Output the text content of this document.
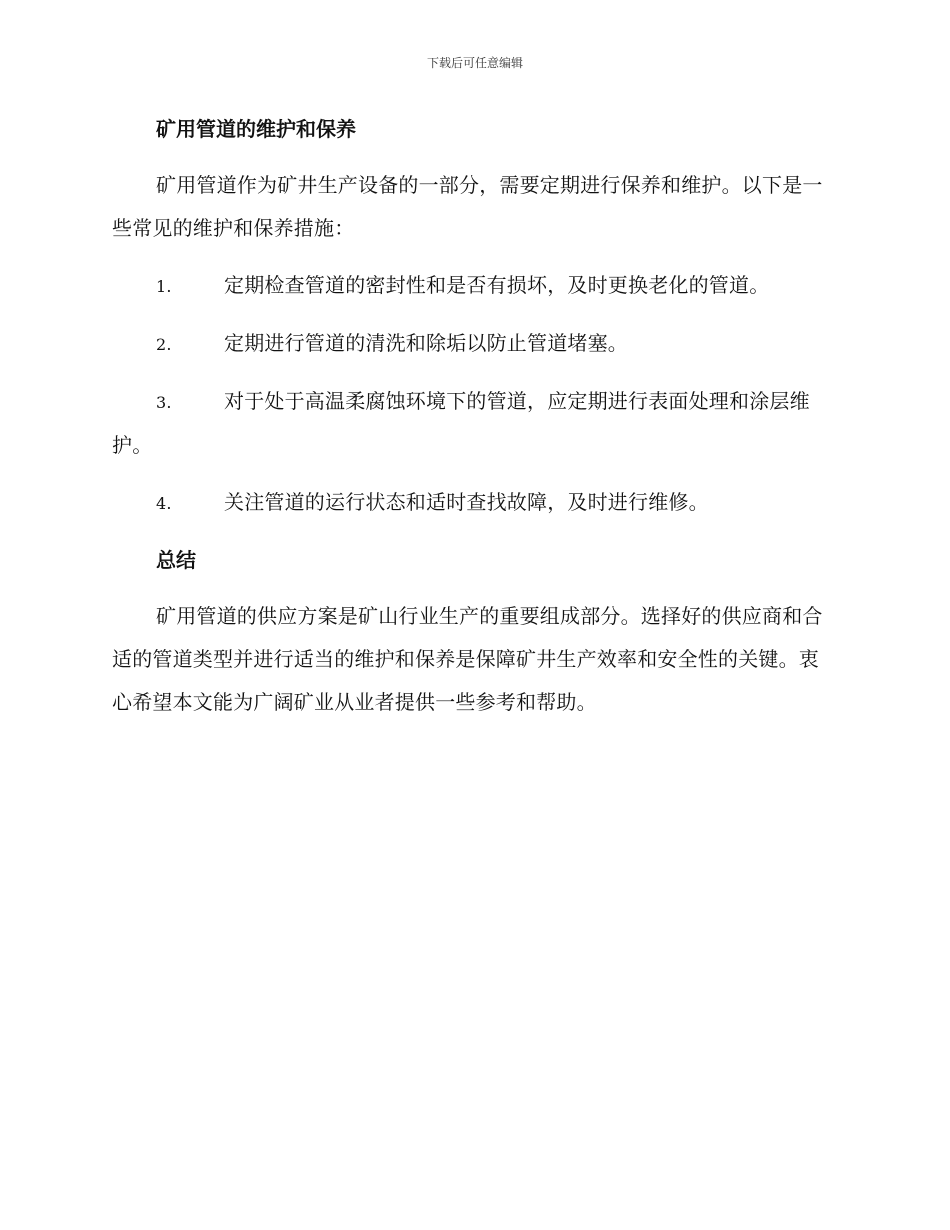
下载后可任意编辑
矿用管道的维护和保养

矿用管道作为矿井生产设备的一部分，需要定期进行保养和维护。以下是一些常见的维护和保养措施：

1.	定期检查管道的密封性和是否有损坏，及时更换老化的管道。
2.	定期进行管道的清洗和除垢以防止管道堵塞。
3.	对于处于高温柔腐蚀环境下的管道，应定期进行表面处理和涂层维护。
4.	关注管道的运行状态和适时查找故障，及时进行维修。
总结

矿用管道的供应方案是矿山行业生产的重要组成部分。选择好的供应商和合适的管道类型并进行适当的维护和保养是保障矿井生产效率和安全性的关键。衷心希望本文能为广阔矿业从业者提供一些参考和帮助。
